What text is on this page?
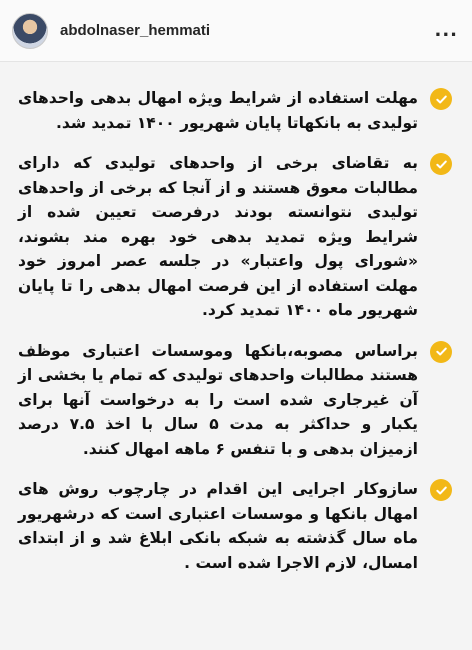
abdolnaser_hemmati	...

مهلت استفاده از شرایط ویژه امهال بدهی واحدهای تولیدی به بانکهاتا پایان شهریور ۱۴۰۰ تمدید شد.

به تقاضای برخی از واحدهای تولیدی که دارای مطالبات معوق هستند و از آنجا که برخی از واحدهای تولیدی نتوانسته بودند درفرصت تعیین شده از شرایط ویژه تمدید بدهی خود بهره مند بشوند، «شورای پول واعتبار» در جلسه عصر امروز خود مهلت استفاده از این فرصت امهال بدهی را تا پایان شهریور ماه ۱۴۰۰ تمدید کرد.

براساس مصوبه،بانکها وموسسات اعتباری موظف هستند مطالبات واحدهای تولیدی که تمام یا بخشی از آن غیرجاری شده است را به درخواست آنها برای یکبار و حداکثر به مدت ۵ سال با اخذ ۷.۵ درصد ازمیزان بدهی و با تنفس ۶ ماهه امهال کنند.

سازوکار اجرایی این اقدام در چارچوب روش های امهال بانکها و موسسات اعتباری است که درشهریور ماه سال گذشته به شبکه بانکی ابلاغ شد و از ابتدای امسال، لازم الاجرا شده است .
